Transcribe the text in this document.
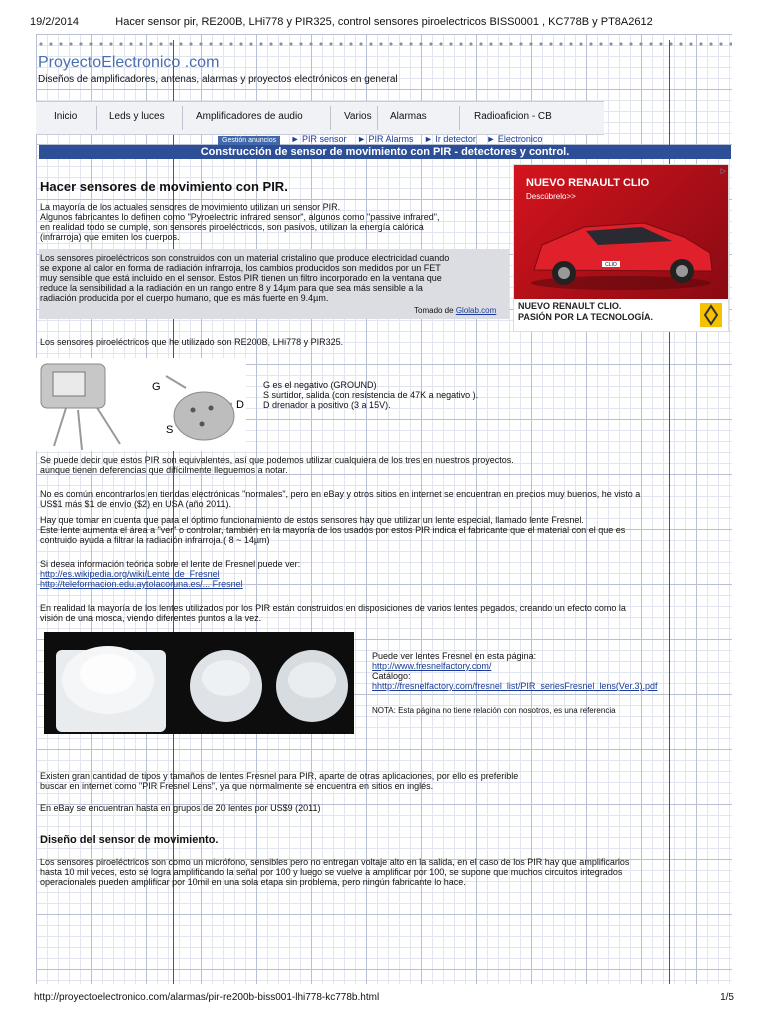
19/2/2014	Hacer sensor pir, RE200B, LHi778 y PIR325, control sensores piroelectricos BISS0001 , KC778B y PT8A2612
ProyectoElectronico .com
Diseños de amplificadores, antenas, alarmas y proyectos electrónicos en general
Inicio	Leds y luces	Amplificadores de audio	Varios Alarmas	Radioaficion - CB
Gestión anuncios ► PIR sensor ► PIR Alarms ► Ir detector ► Electronico
Construcción de sensor de movimiento con PIR - detectores y control.
Hacer sensores de movimiento con PIR.
La mayoría de los actuales sensores de movimiento utilizan un sensor PIR.
Algunos fabricantes lo definen como "Pyroelectric infrared sensor", algunos como "passive infrared",
en realidad todo se cumple, son sensores piroeléctricos, son pasivos, utilizan la energía calórica
(infrarroja) que emiten los cuerpos.
Los sensores piroeléctricos son construidos con un material cristalino que produce electricidad cuando
se expone al calor en forma de radiación infrarroja, los cambios producidos son medidos por un FET
muy sensible que está incluido en el sensor. Estos PIR tienen un filtro incorporado en la ventana que
reduce la sensibilidad a la radiación en un rango entre 8 y 14µm para que sea más sensible a la
radiación producida por el cuerpo humano, que es más fuerte en 9.4µm.
Tomado de Glolab.com
NUEVO RENAULT CLIO
Descúbrelo>>
CLIO
▷
NUEVO RENAULT CLIO.
PASIÓN POR LA TECNOLOGÍA.
Los sensores piroeléctricos que he utilizado son RE200B, LHi778 y PIR325.
G
D
S
G es el negativo (GROUND)
S surtidor, salida (con resistencia de 47K a negativo ).
D drenador a positivo (3 a 15V).
Se puede decir que estos PIR son equivalentes, así que podemos utilizar cualquiera de los tres en nuestros proyectos.
aunque tienen deferencias que difícilmente lleguemos a notar.
No es común encontrarlos en tiendas electrónicas "normales", pero en eBay y otros sitios en internet se encuentran en precios muy buenos, he visto a
US$1 más $1 de envío ($2) en USA (año 2011).
Hay que tomar en cuenta que para el óptimo funcionamiento de estos sensores hay que utilizar un lente especial, llamado lente Fresnel.
Este lente aumenta el área a "ver" o controlar, también en la mayoría de los usados por estos PIR indica el fabricante que el material con el que es
contruido ayuda a filtrar la radiación infrarroja.( 8 ~ 14µm)
Si desea información teórica sobre el lente de Fresnel puede ver:
http://es.wikipedia.org/wiki/Lente_de_Fresnel
http://teleformacion.edu.aytolacoruna.es/... Fresnel
En realidad la mayoría de los lentes utilizados por los PIR están construidos en disposiciones de varios lentes pegados, creando un efecto como la
visión de una mosca, viendo diferentes puntos a la vez.
Puede ver lentes Fresnel en esta página:
http://www.fresnelfactory.com/
Catálogo:
hhttp://fresnelfactory.com/fresnel_list/PIR_seriesFresnel_lens(Ver.3).pdf
NOTA: Esta página no tiene relación con nosotros, es una referencia
Existen gran cantidad de tipos y tamaños de lentes Fresnel para PIR, aparte de otras aplicaciones, por ello es preferible
buscar en internet como "PIR Fresnel Lens", ya que normalmente se encuentra en sitios en inglés.
En eBay se encuentran hasta en grupos de 20 lentes por US$9 (2011)
Diseño del sensor de movimiento.
Los sensores piroeléctricos son como un micrófono, sensibles pero no entregan voltaje alto en la salida, en el caso de los PIR hay que amplificarlos
hasta 10 mil veces, esto se logra amplificando la señal por 100 y luego se vuelve a amplificar por 100, se supone que muchos circuitos integrados
operacionales pueden amplificar por 10mil en una sola etapa sin problema, pero ningún fabricante lo hace.
http://proyectoelectronico.com/alarmas/pir-re200b-biss001-lhi778-kc778b.html	1/5
